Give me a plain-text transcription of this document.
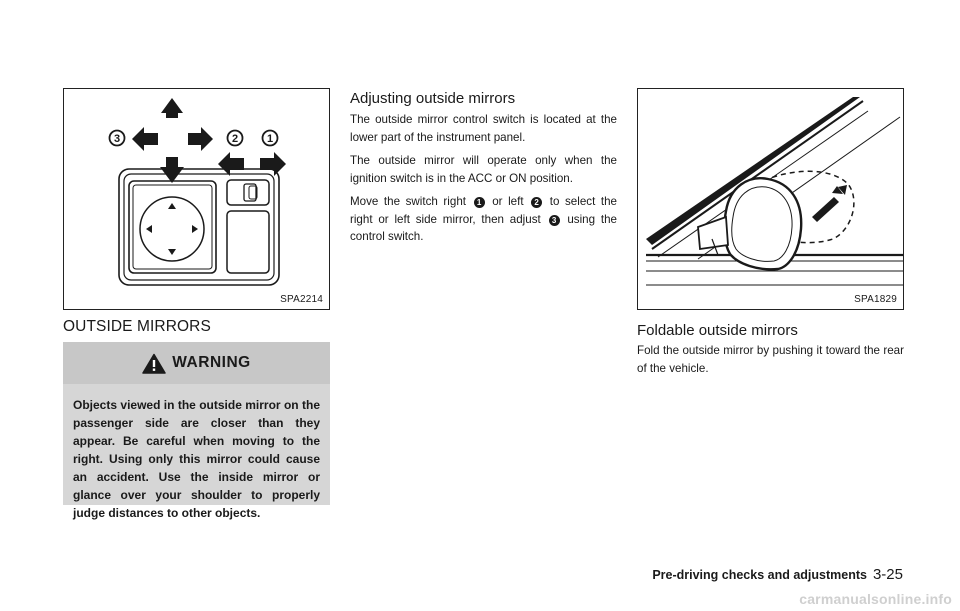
3	2	1
SPA2214
OUTSIDE MIRRORS
WARNING
Objects viewed in the outside mirror on the passenger side are closer than they appear. Be careful when moving to the right. Using only this mirror could cause an accident. Use the inside mirror or glance over your shoulder to properly judge distances to other objects.
Adjusting outside mirrors

The outside mirror control switch is located at the lower part of the instrument panel.

The outside mirror will operate only when the ignition switch is in the ACC or ON position.

Move the switch right 1 or left 2 to select the right or left side mirror, then adjust 3 using the control switch.

SPA1829
Foldable outside mirrors

Fold the outside mirror by pushing it toward the rear of the vehicle.

Pre-driving checks and adjustments 3-25
carmanualsonline.info
